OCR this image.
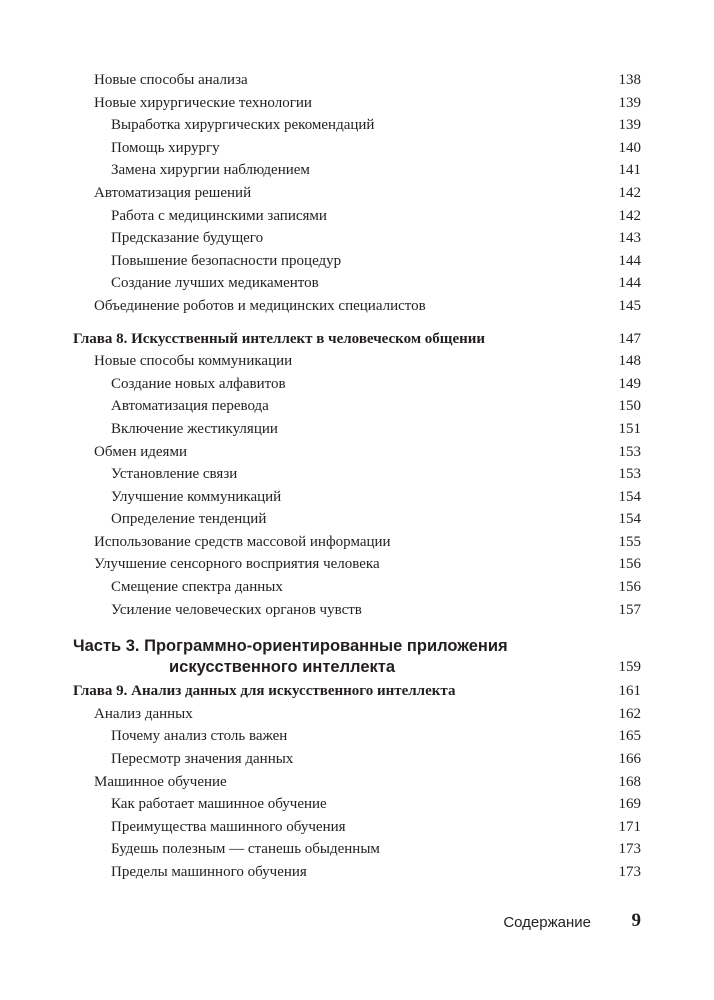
Новые способы анализа	138
Новые хирургические технологии	139
Выработка хирургических рекомендаций	139
Помощь хирургу	140
Замена хирургии наблюдением	141
Автоматизация решений	142
Работа с медицинскими записями	142
Предсказание будущего	143
Повышение безопасности процедур	144
Создание лучших медикаментов	144
Объединение роботов и медицинских специалистов	145
Глава 8. Искусственный интеллект в человеческом общении	147
Новые способы коммуникации	148
Создание новых алфавитов	149
Автоматизация перевода	150
Включение жестикуляции	151
Обмен идеями	153
Установление связи	153
Улучшение коммуникаций	154
Определение тенденций	154
Использование средств массовой информации	155
Улучшение сенсорного восприятия человека	156
Смещение спектра данных	156
Усиление человеческих органов чувств	157
Часть 3. Программно-ориентированные приложения
искусственного интеллекта	159
Глава 9. Анализ данных для искусственного интеллекта	161
Анализ данных	162
Почему анализ столь важен	165
Пересмотр значения данных	166
Машинное обучение	168
Как работает машинное обучение	169
Преимущества машинного обучения	171
Будешь полезным — станешь обыденным	173
Пределы машинного обучения	173
Содержание 9
